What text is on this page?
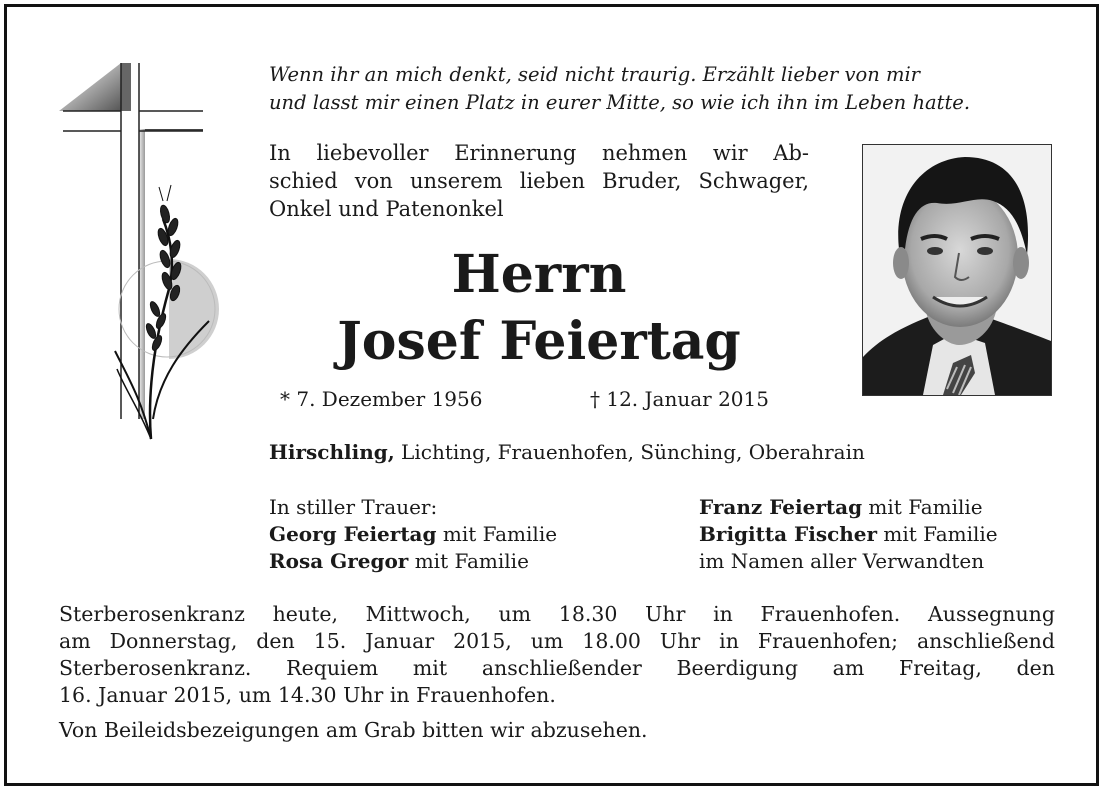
Wenn ihr an mich denkt, seid nicht traurig. Erzählt lieber von mir
und lasst mir einen Platz in eurer Mitte, so wie ich ihn im Leben hatte.
In liebevoller Erinnerung nehmen wir Ab-
schied von unserem lieben Bruder, Schwager,
Onkel und Patenonkel
Herrn
Josef Feiertag
* 7. Dezember 1956	† 12. Januar 2015
Hirschling, Lichting, Frauenhofen, Sünching, Oberahrain
In stiller Trauer:
Georg Feiertag mit Familie
Rosa Gregor mit Familie
Franz Feiertag mit Familie
Brigitta Fischer mit Familie
im Namen aller Verwandten
Sterberosenkranz heute, Mittwoch, um 18.30 Uhr in Frauenhofen. Aussegnung
am Donnerstag, den 15. Januar 2015, um 18.00 Uhr in Frauenhofen; anschließend
Sterberosenkranz. Requiem mit anschließender Beerdigung am Freitag, den
16. Januar 2015, um 14.30 Uhr in Frauenhofen.
Von Beileidsbezeigungen am Grab bitten wir abzusehen.
